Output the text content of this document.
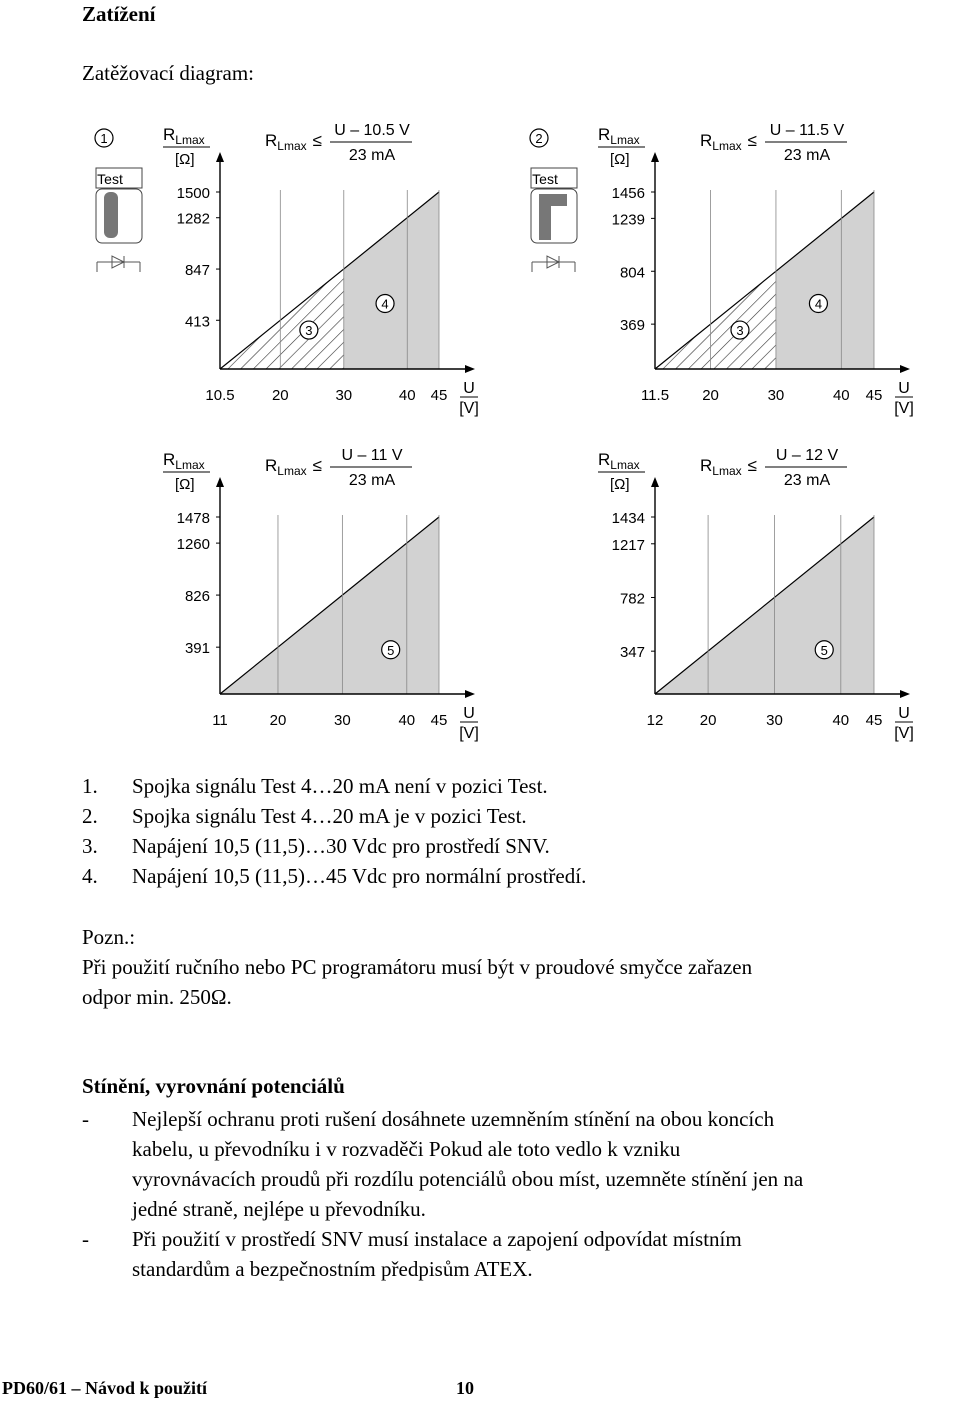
Zatížení
Zatěžovací diagram:
413
847
1282
1500
10.5 20	30	40 45 U
[V]
$R_{Lmax}$
[Ω]
$R_{Lmax}$ ≤
U – 10.5 V
23 mA
3
4
1
Test
369
804
1239
1456
11.5 20	30	40 45 U
[V]
$R_{Lmax}$
[Ω]
$R_{Lmax}$ ≤
U – 11.5 V
23 mA
3
4
2
Test
391
826
1260
1478
11	20	30	40 45 U
[V]
$R_{Lmax}$
[Ω]
$R_{Lmax}$ ≤
U – 11 V
23 mA
5	347
782
1217
1434
12 20	30	40 45 U
[V]
$R_{Lmax}$
[Ω]
$R_{Lmax}$ ≤
U – 12 V
23 mA
5
1. Spojka signálu Test 4…20 mA není v pozici Test.
2. Spojka signálu Test 4…20 mA je v pozici Test.
3. Napájení 10,5 (11,5)…30 Vdc pro prostředí SNV.
4. Napájení 10,5 (11,5)…45 Vdc pro normální prostředí.
Pozn.:
Při použití ručního nebo PC programátoru musí být v proudové smyčce zařazen
odpor min. 250Ω.
Stínění, vyrovnání potenciálů
- Nejlepší ochranu proti rušení dosáhnete uzemněním stínění na obou koncích
kabelu, u převodníku i v rozvaděči Pokud ale toto vedlo k vzniku
vyrovnávacích proudů při rozdílu potenciálů obou míst, uzemněte stínění jen na
jedné straně, nejlépe u převodníku.
- Při použití v prostředí SNV musí instalace a zapojení odpovídat místním
standardům a bezpečnostním předpisům ATEX.
PD60/61 – Návod k použití	10
